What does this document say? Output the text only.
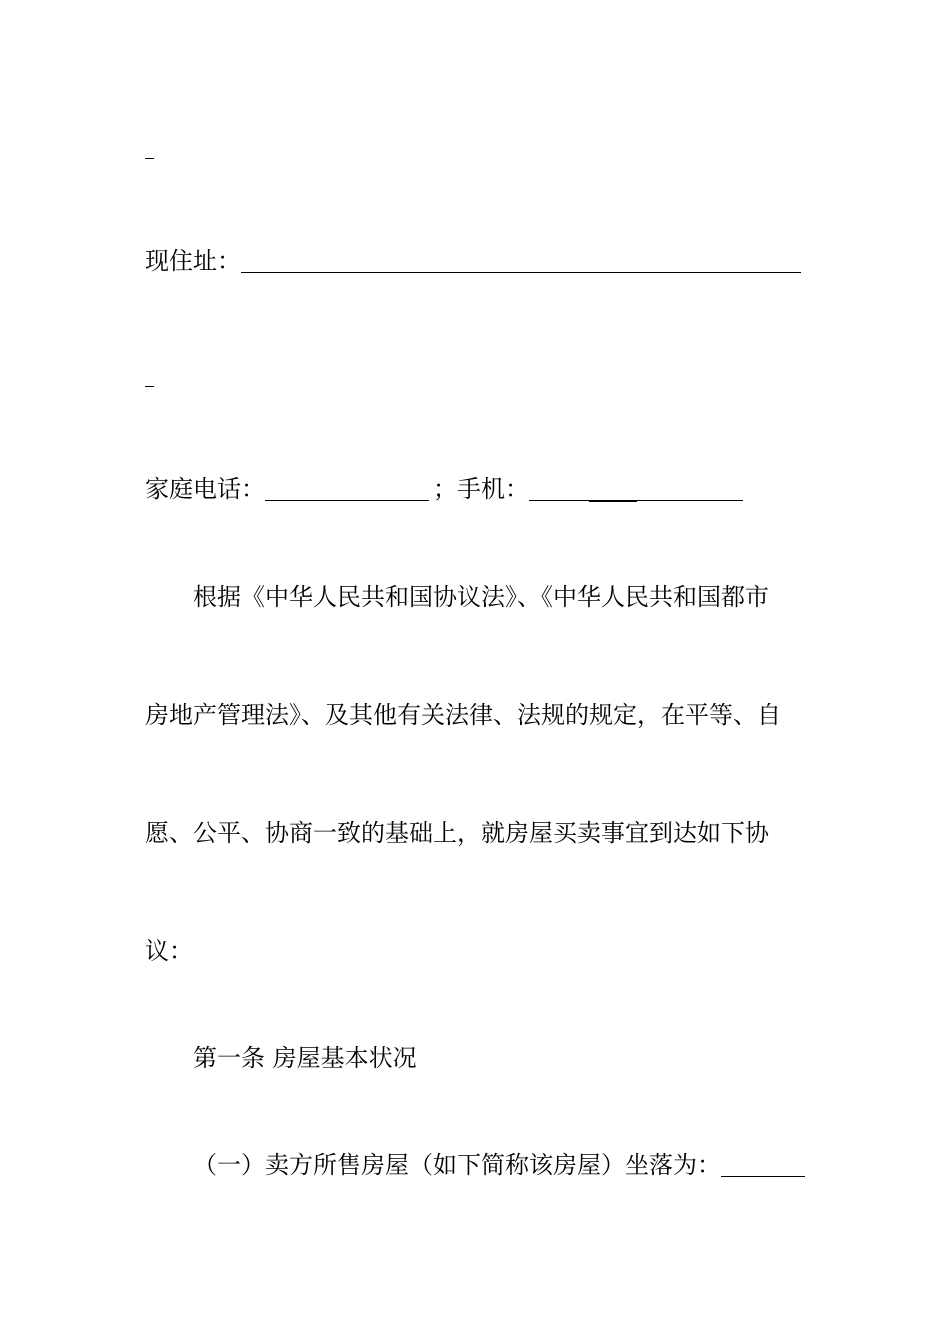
现住址：
家庭电话：	；手机：
根据《中华人民共和国协议法》、《中华人民共和国都市
房地产管理法》、及其他有关法律、法规的规定，在平等、自
愿、公平、协商一致的基础上，就房屋买卖事宜到达如下协
议：
第一条 房屋基本状况
（一）卖方所售房屋（如下简称该房屋）坐落为：
